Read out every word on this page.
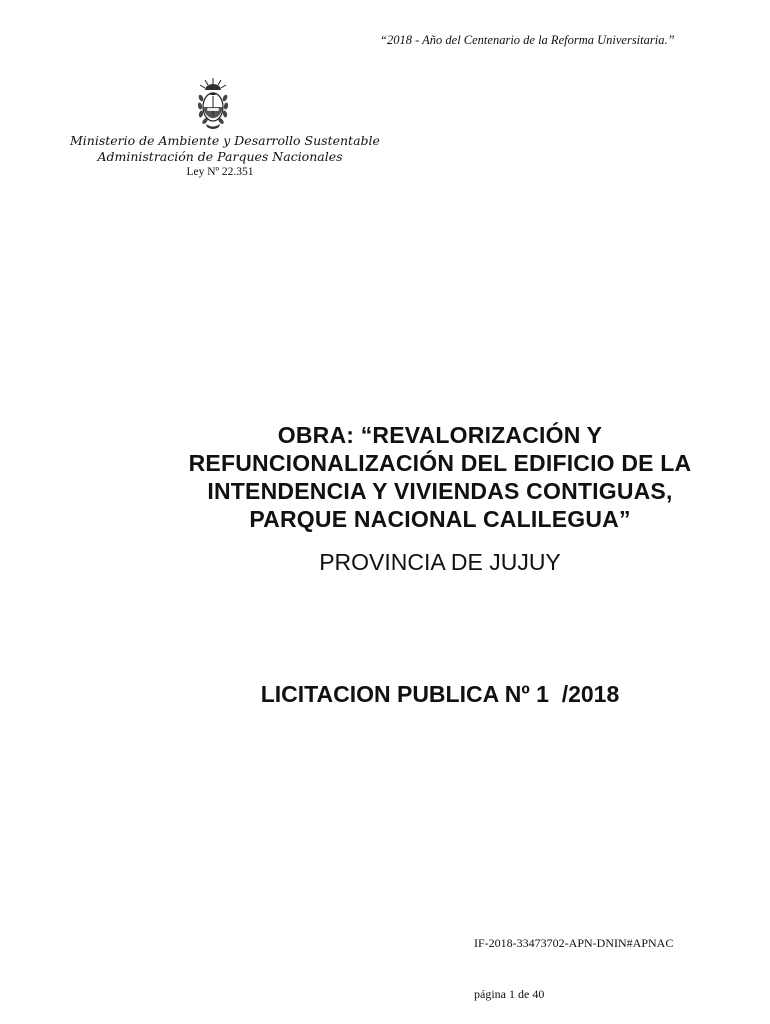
“2018 - Año del Centenario de la Reforma Universitaria.”
Ministerio de Ambiente y Desarrollo Sustentable
Administración de Parques Nacionales
Ley Nº 22.351
OBRA: “REVALORIZACIÓN Y
REFUNCIONALIZACIÓN DEL EDIFICIO DE LA
INTENDENCIA Y VIVIENDAS CONTIGUAS,
PARQUE NACIONAL CALILEGUA”
PROVINCIA DE JUJUY
LICITACION PUBLICA Nº 1  /2018
IF-2018-33473702-APN-DNIN#APNAC
página 1 de 40
